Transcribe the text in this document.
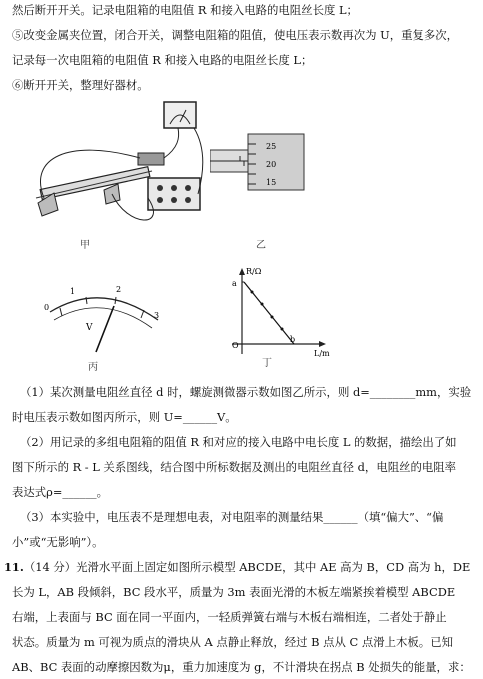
然后断开开关。记录电阻箱的电阻值 R 和接入电路的电阻丝长度 L；
⑤改变金属夹位置，闭合开关，调整电阻箱的阻值，使电压表示数再次为 U，重复多次，
记录每一次电阻箱的电阻值 R 和接入电路的电阻丝长度 L；
⑥断开开关，整理好器材。
25
20
15
甲	乙
0
1	2
3
V
丙
R/Ω
L/m
a
b
O
丁
（1）某次测量电阻丝直径 d 时，螺旋测微器示数如图乙所示，则 d=________mm，实验
时电压表示数如图丙所示，则 U=______V。
（2）用记录的多组电阻箱的阻值 R 和对应的接入电路中电长度 L 的数据，描绘出了如
图下所示的 R - L 关系图线，结合图中所标数据及测出的电阻丝直径 d，电阻丝的电阻率
表达式ρ=______。
（3）本实验中，电压表不是理想电表，对电阻率的测量结果______（填“偏大”、“偏
小”或“无影响”）。
11.（14 分）光滑水平面上固定如图所示模型 ABCDE，其中 AE 高为 B，CD 高为 h，DE
长为 L，AB 段倾斜，BC 段水平，质量为 3m 表面光滑的木板左端紧挨着模型 ABCDE
右端，上表面与 BC 面在同一平面内，一轻质弹簧右端与木板右端相连，二者处于静止
状态。质量为 m 可视为质点的滑块从 A 点静止释放，经过 B 点从 C 点滑上木板。已知
AB、BC 表面的动摩擦因数为μ，重力加速度为 g，不计滑块在拐点 B 处损失的能量，求：
